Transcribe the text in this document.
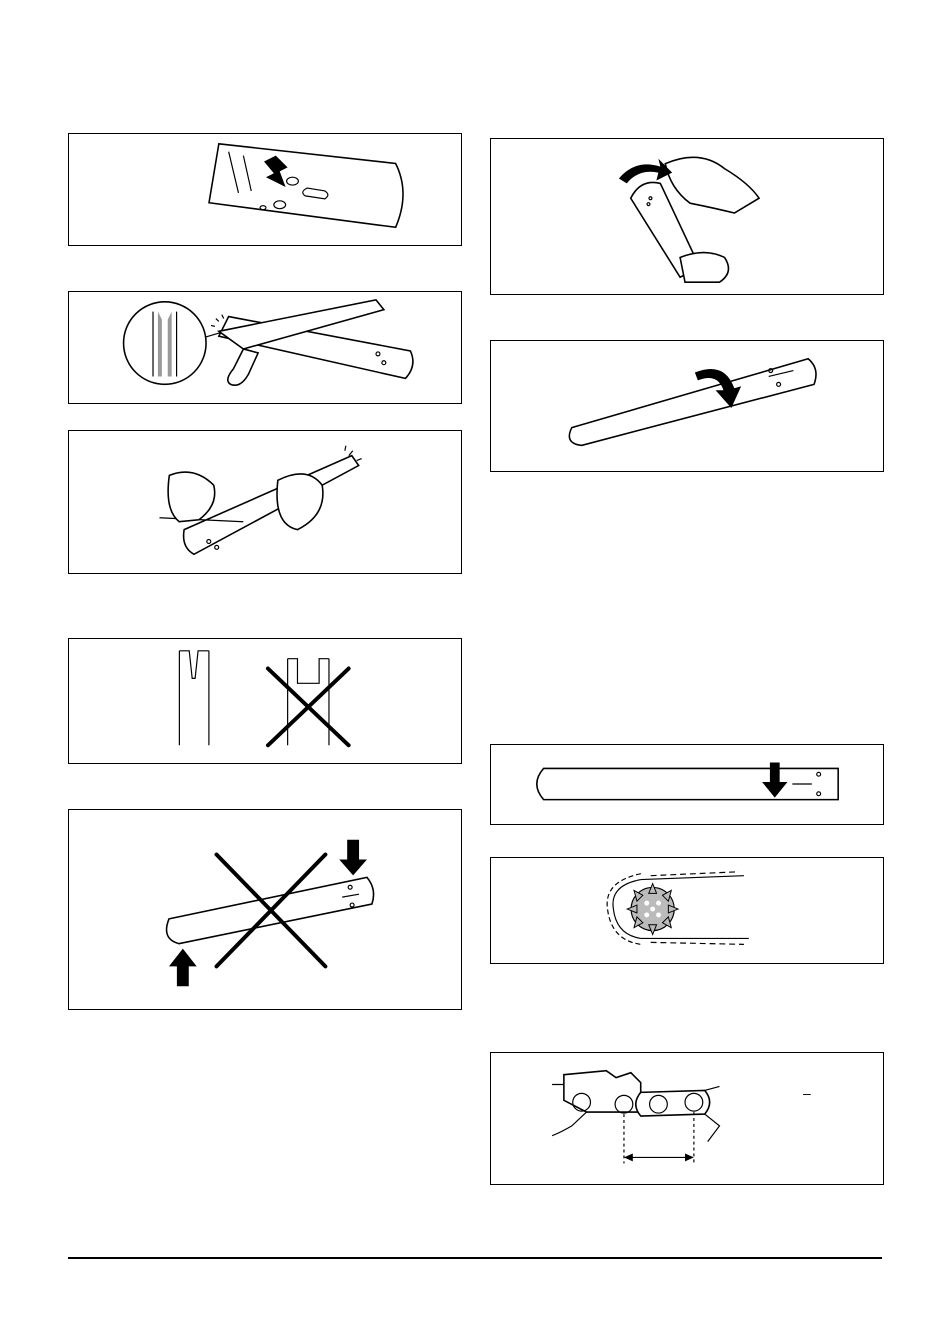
–
